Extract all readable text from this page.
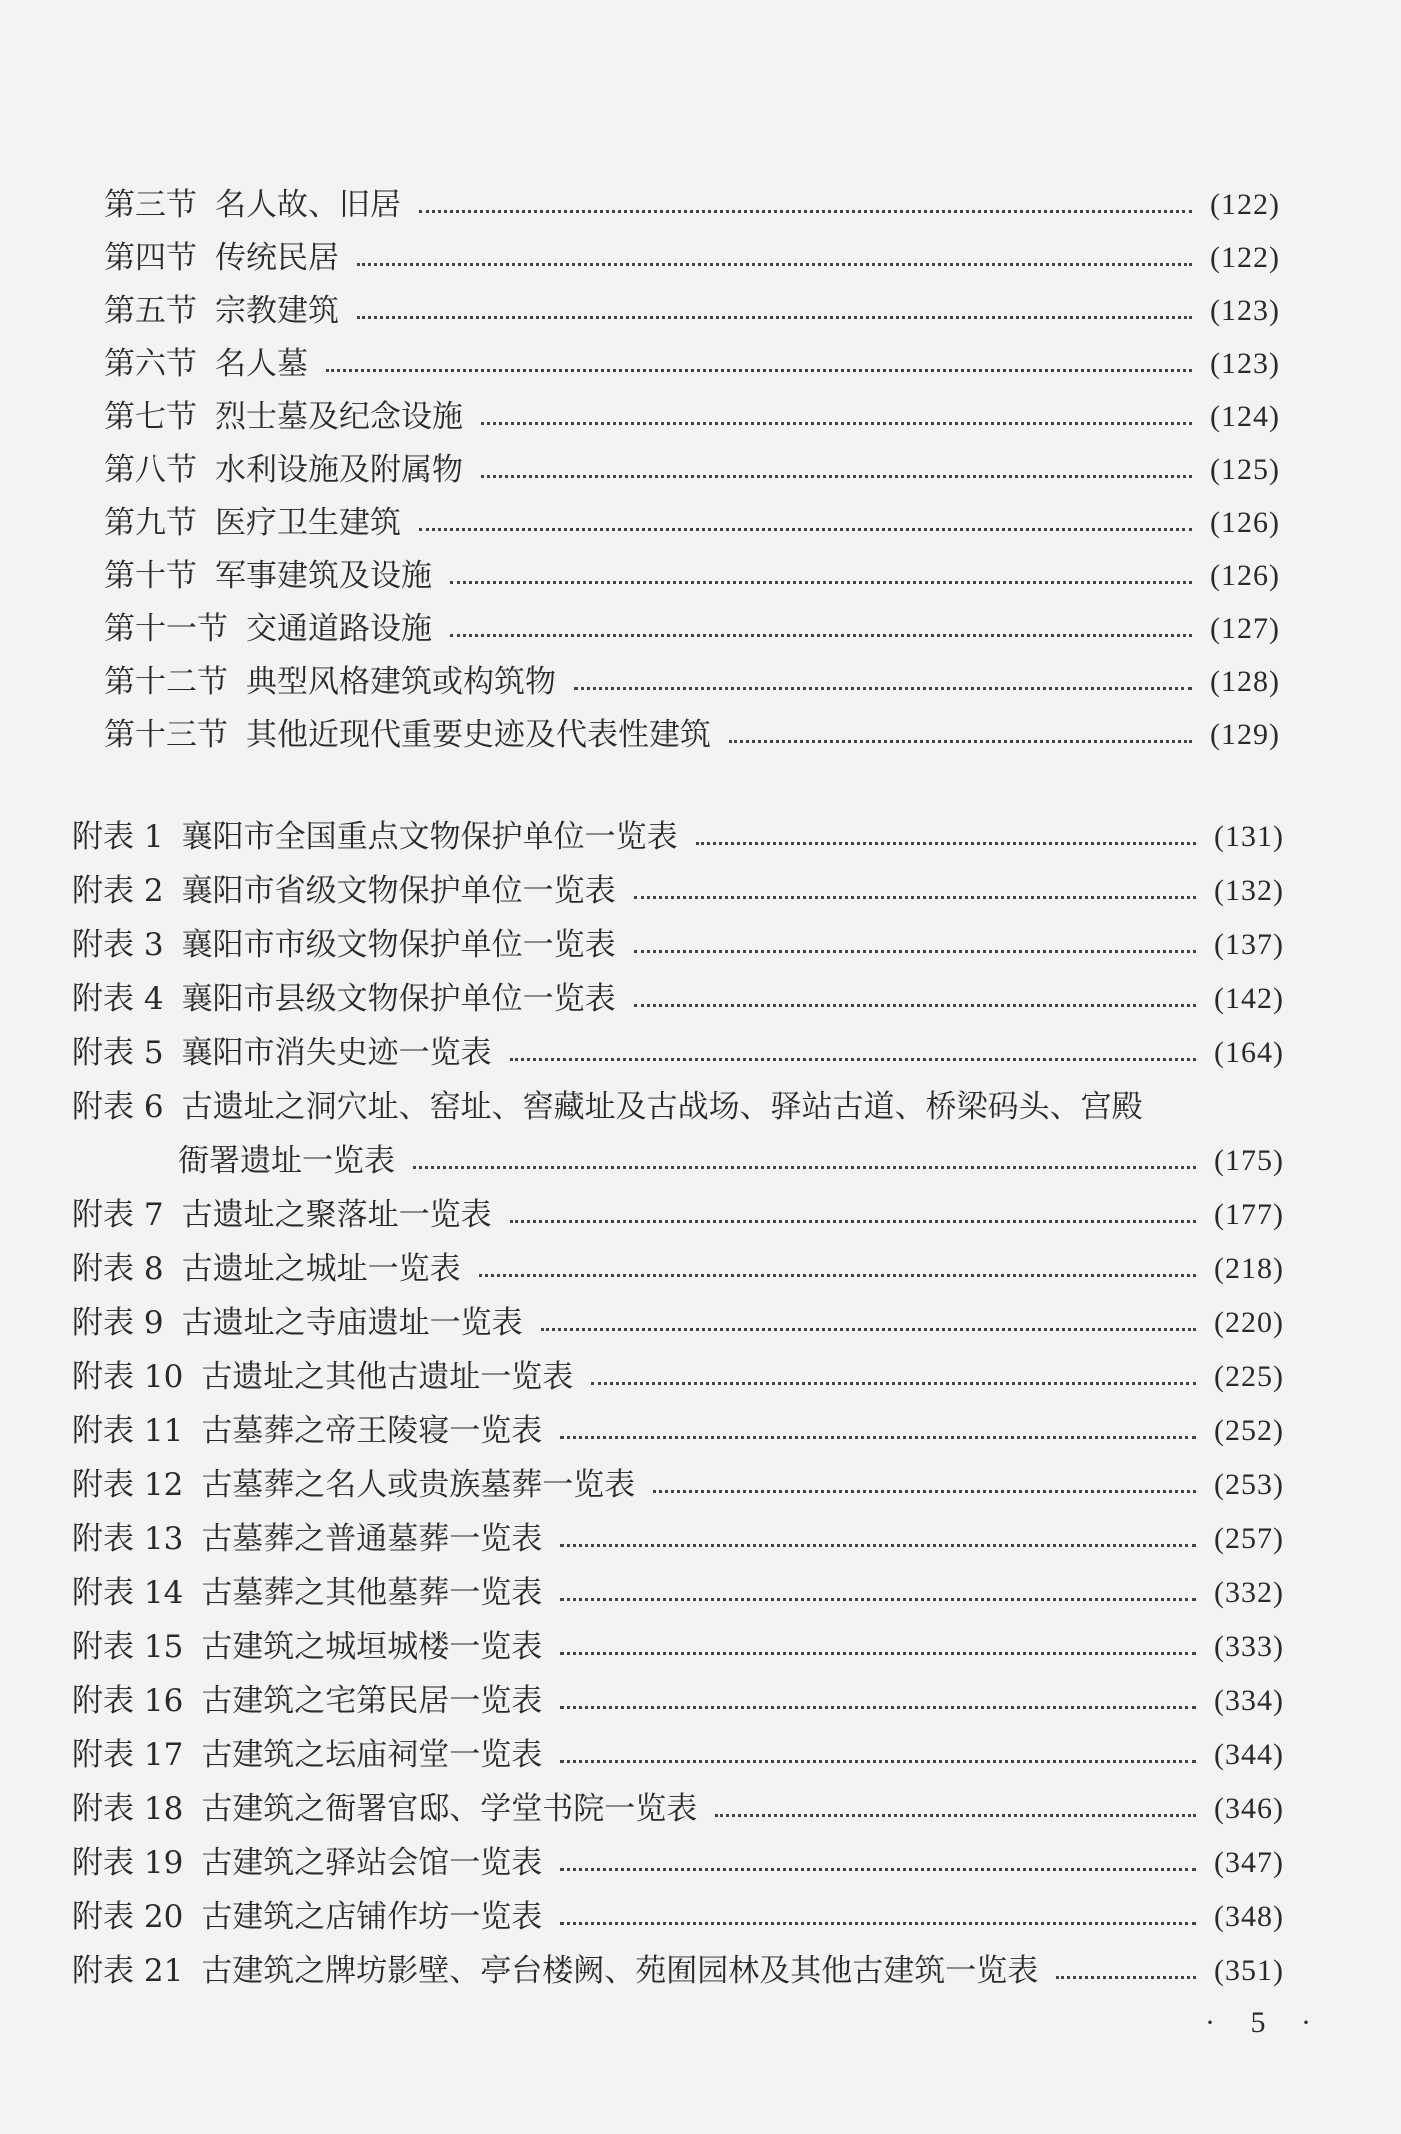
第三节 名人故、旧居	(122)
第四节 传统民居	(122)
第五节 宗教建筑	(123)
第六节 名人墓	(123)
第七节 烈士墓及纪念设施	(124)
第八节 水利设施及附属物	(125)
第九节 医疗卫生建筑	(126)
第十节 军事建筑及设施	(126)
第十一节 交通道路设施	(127)
第十二节 典型风格建筑或构筑物	(128)
第十三节 其他近现代重要史迹及代表性建筑	(129)
附表 1 襄阳市全国重点文物保护单位一览表	(131)
附表 2 襄阳市省级文物保护单位一览表	(132)
附表 3 襄阳市市级文物保护单位一览表	(137)
附表 4 襄阳市县级文物保护单位一览表	(142)
附表 5 襄阳市消失史迹一览表	(164)
附表 6 古遗址之洞穴址、窑址、窖藏址及古战场、驿站古道、桥梁码头、宫殿
衙署遗址一览表	(175)
附表 7 古遗址之聚落址一览表	(177)
附表 8 古遗址之城址一览表	(218)
附表 9 古遗址之寺庙遗址一览表	(220)
附表 10 古遗址之其他古遗址一览表	(225)
附表 11 古墓葬之帝王陵寝一览表	(252)
附表 12 古墓葬之名人或贵族墓葬一览表	(253)
附表 13 古墓葬之普通墓葬一览表	(257)
附表 14 古墓葬之其他墓葬一览表	(332)
附表 15 古建筑之城垣城楼一览表	(333)
附表 16 古建筑之宅第民居一览表	(334)
附表 17 古建筑之坛庙祠堂一览表	(344)
附表 18 古建筑之衙署官邸、学堂书院一览表	(346)
附表 19 古建筑之驿站会馆一览表	(347)
附表 20 古建筑之店铺作坊一览表	(348)
附表 21 古建筑之牌坊影壁、亭台楼阙、苑囿园林及其他古建筑一览表	(351)
· 5 ·
